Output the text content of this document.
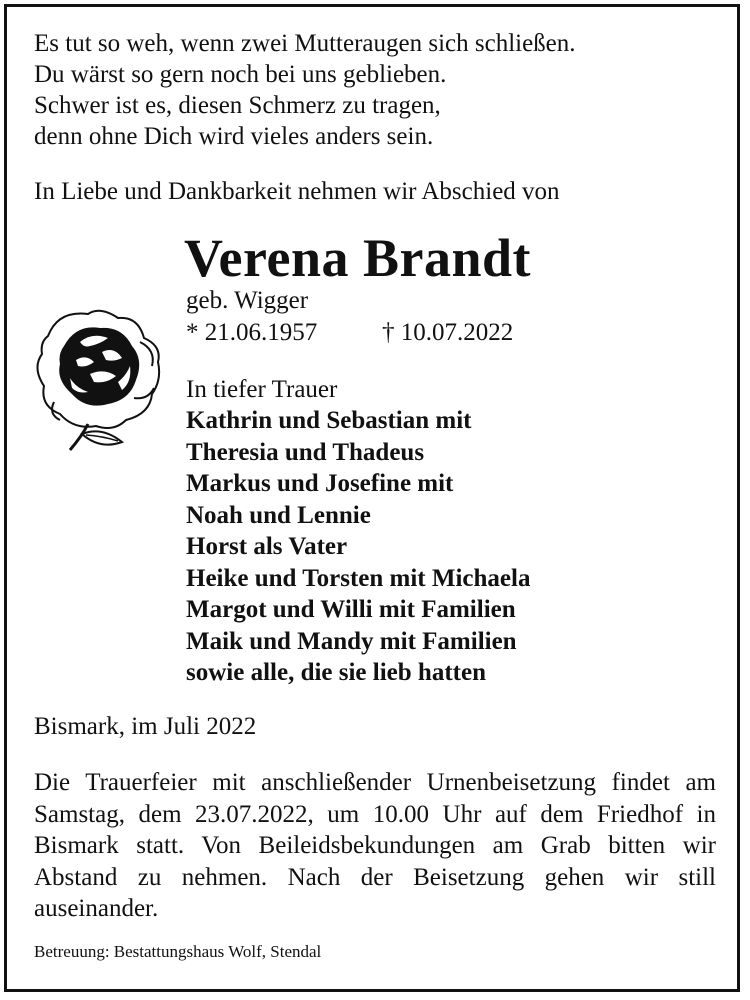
Es tut so weh, wenn zwei Mutteraugen sich schließen.
Du wärst so gern noch bei uns geblieben.
Schwer ist es, diesen Schmerz zu tragen,
denn ohne Dich wird vieles anders sein.
In Liebe und Dankbarkeit nehmen wir Abschied von
Verena Brandt
geb. Wigger
* 21.06.1957	† 10.07.2022
In tiefer Trauer
Kathrin und Sebastian mit
Theresia und Thadeus
Markus und Josefine mit
Noah und Lennie
Horst als Vater
Heike und Torsten mit Michaela
Margot und Willi mit Familien
Maik und Mandy mit Familien
sowie alle, die sie lieb hatten
Bismark, im Juli 2022
Die Trauerfeier mit anschließender Urnenbeisetzung findet am Samstag, dem 23.07.2022, um 10.00 Uhr auf dem Friedhof in Bismark statt. Von Beileidsbekundungen am Grab bitten wir Abstand zu nehmen. Nach der Beisetzung gehen wir still auseinander.
Betreuung: Bestattungshaus Wolf, Stendal
